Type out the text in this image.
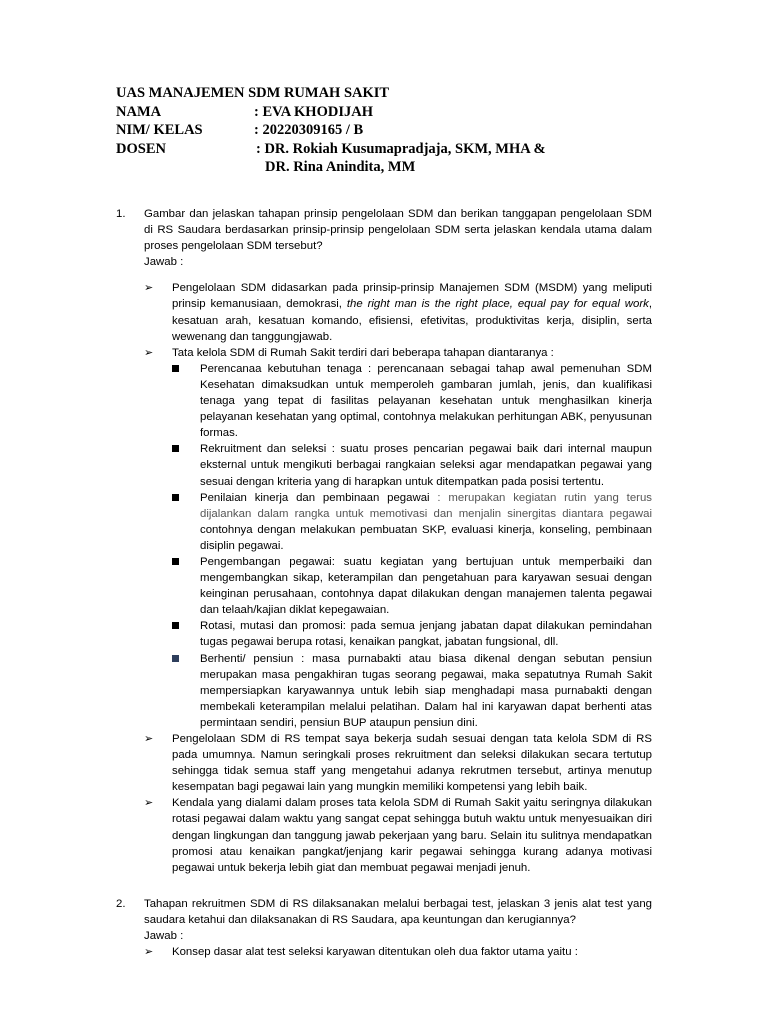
UAS MANAJEMEN SDM RUMAH SAKIT
NAMA	: EVA KHODIJAH
NIM/ KELAS	: 20220309165 / B
DOSEN	: DR. Rokiah Kusumapradjaja, SKM, MHA &
DR. Rina Anindita, MM
1. Gambar dan jelaskan tahapan prinsip pengelolaan SDM dan berikan tanggapan pengelolaan SDM di RS Saudara berdasarkan prinsip-prinsip pengelolaan SDM serta jelaskan kendala utama dalam proses pengelolaan SDM tersebut?
Jawab :
➢ Pengelolaan SDM didasarkan pada prinsip-prinsip Manajemen SDM (MSDM) yang meliputi prinsip kemanusiaan, demokrasi, the right man is the right place, equal pay for equal work, kesatuan arah, kesatuan komando, efisiensi, efetivitas, produktivitas kerja, disiplin, serta wewenang dan tanggungjawab.
➢ Tata kelola SDM di Rumah Sakit terdiri dari beberapa tahapan diantaranya :
Perencanaa kebutuhan tenaga : perencanaan sebagai tahap awal pemenuhan SDM Kesehatan dimaksudkan untuk memperoleh gambaran jumlah, jenis, dan kualifikasi tenaga yang tepat di fasilitas pelayanan kesehatan untuk menghasilkan kinerja pelayanan kesehatan yang optimal, contohnya melakukan perhitungan ABK, penyusunan formas.
Rekruitment dan seleksi : suatu proses pencarian pegawai baik dari internal maupun eksternal untuk mengikuti berbagai rangkaian seleksi agar mendapatkan pegawai yang sesuai dengan kriteria yang di harapkan untuk ditempatkan pada posisi tertentu.
Penilaian kinerja dan pembinaan pegawai : merupakan kegiatan rutin yang terus dijalankan dalam rangka untuk memotivasi dan menjalin sinergitas diantara pegawai contohnya dengan melakukan pembuatan SKP, evaluasi kinerja, konseling, pembinaan disiplin pegawai.
Pengembangan pegawai: suatu kegiatan yang bertujuan untuk memperbaiki dan mengembangkan sikap, keterampilan dan pengetahuan para karyawan sesuai dengan keinginan perusahaan, contohnya dapat dilakukan dengan manajemen talenta pegawai dan telaah/kajian diklat kepegawaian.
Rotasi, mutasi dan promosi: pada semua jenjang jabatan dapat dilakukan pemindahan tugas pegawai berupa rotasi, kenaikan pangkat, jabatan fungsional, dll.
Berhenti/ pensiun : masa purnabakti atau biasa dikenal dengan sebutan pensiun merupakan masa pengakhiran tugas seorang pegawai, maka sepatutnya Rumah Sakit mempersiapkan karyawannya untuk lebih siap menghadapi masa purnabakti dengan membekali keterampilan melalui pelatihan. Dalam hal ini karyawan dapat berhenti atas permintaan sendiri, pensiun BUP ataupun pensiun dini.
➢ Pengelolaan SDM di RS tempat saya bekerja sudah sesuai dengan tata kelola SDM di RS pada umumnya. Namun seringkali proses rekruitment dan seleksi dilakukan secara tertutup sehingga tidak semua staff yang mengetahui adanya rekrutmen tersebut, artinya menutup kesempatan bagi pegawai lain yang mungkin memiliki kompetensi yang lebih baik.
➢ Kendala yang dialami dalam proses tata kelola SDM di Rumah Sakit yaitu seringnya dilakukan rotasi pegawai dalam waktu yang sangat cepat sehingga butuh waktu untuk menyesuaikan diri dengan lingkungan dan tanggung jawab pekerjaan yang baru. Selain itu sulitnya mendapatkan promosi atau kenaikan pangkat/jenjang karir pegawai sehingga kurang adanya motivasi pegawai untuk bekerja lebih giat dan membuat pegawai menjadi jenuh.
2. Tahapan rekruitmen SDM di RS dilaksanakan melalui berbagai test, jelaskan 3 jenis alat test yang saudara ketahui dan dilaksanakan di RS Saudara, apa keuntungan dan kerugiannya?
Jawab :
➢ Konsep dasar alat test seleksi karyawan ditentukan oleh dua faktor utama yaitu :
